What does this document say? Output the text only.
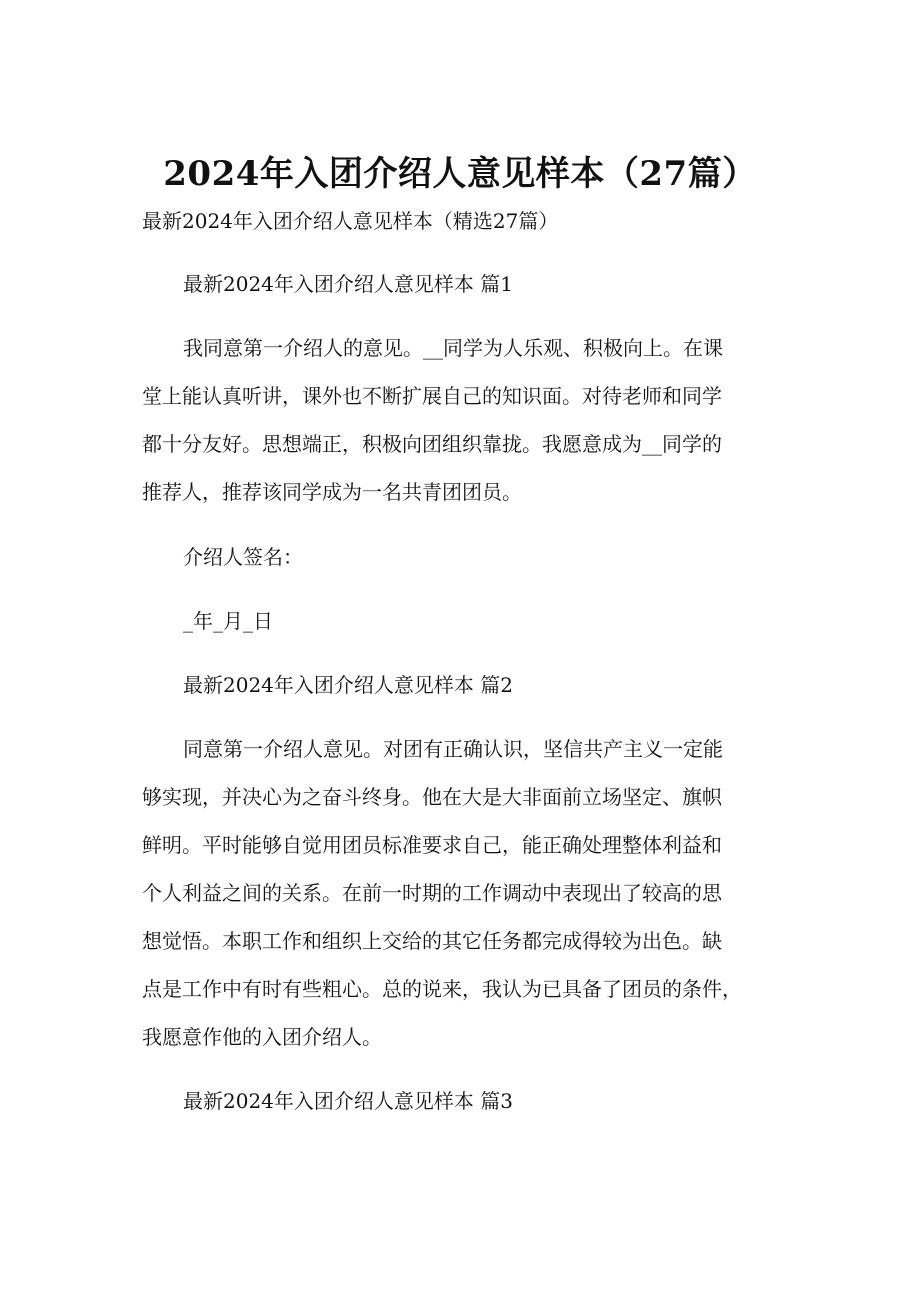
2024年入团介绍人意见样本（27篇）
最新2024年入团介绍人意见样本（精选27篇）
最新2024年入团介绍人意见样本 篇1
我同意第一介绍人的意见。__同学为人乐观、积极向上。在课
堂上能认真听讲，课外也不断扩展自己的知识面。对待老师和同学
都十分友好。思想端正，积极向团组织靠拢。我愿意成为__同学的
推荐人，推荐该同学成为一名共青团团员。
介绍人签名：
_年_月_日
最新2024年入团介绍人意见样本 篇2
同意第一介绍人意见。对团有正确认识，坚信共产主义一定能
够实现，并决心为之奋斗终身。他在大是大非面前立场坚定、旗帜
鲜明。平时能够自觉用团员标准要求自己，能正确处理整体利益和
个人利益之间的关系。在前一时期的工作调动中表现出了较高的思
想觉悟。本职工作和组织上交给的其它任务都完成得较为出色。缺
点是工作中有时有些粗心。总的说来，我认为已具备了团员的条件，
我愿意作他的入团介绍人。
最新2024年入团介绍人意见样本 篇3
